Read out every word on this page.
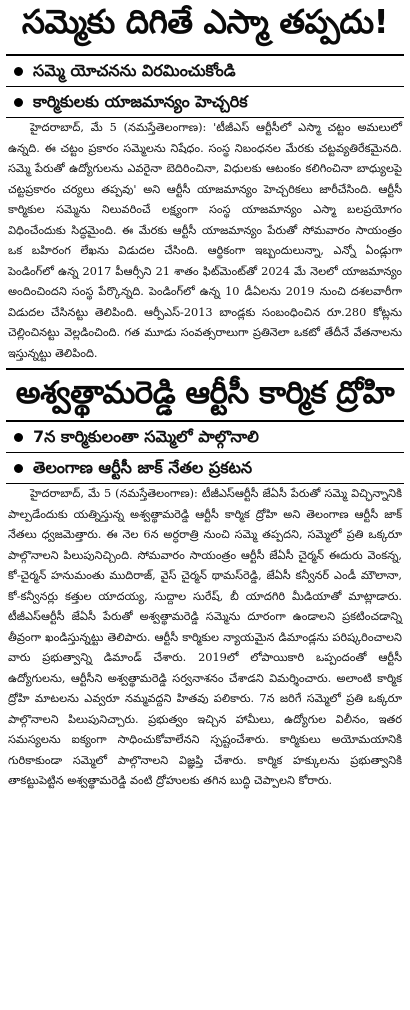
సమ్మెకు దిగితే ఎస్మా తప్పదు!
సమ్మె యోచనను విరమించుకోండి
కార్మికులకు యాజమాన్యం హెచ్చరిక

హైదరాబాద్, మే 5 (నమస్తేతెలంగాణ): 'టీజీఎస్ ఆర్టీసీలో ఎస్మా చట్టం అమలులో ఉన్నది. ఈ చట్టం ప్రకారం సమ్మెలను నిషేధం. సంస్థ నిబంధనల మేరకు చట్టవ్యతిరేకమైనది. సమ్మె పేరుతో ఉద్యోగులను ఎవరైనా బెదిరించినా, విధులకు ఆటంకం కలిగించినా బాధ్యులపై చట్టప్రకారం చర్యలు తప్పవు' అని ఆర్టీసీ యాజమాన్యం హెచ్చరికలు జారీచేసింది. ఆర్టీసీ కార్మికుల సమ్మెను నిలువరించే లక్ష్యంగా సంస్థ యాజమాన్యం ఎస్మా బలప్రయోగం విధించేందుకు సిద్ధమైంది. ఈ మేరకు ఆర్టీసీ యాజమాన్యం పేరుతో సోమవారం సాయంత్రం ఒక బహిరంగ లేఖను విడుదల చేసింది. ఆర్థికంగా ఇబ్బందులున్నా, ఎన్నో ఏండ్లుగా పెండింగ్‌లో ఉన్న 2017 పీఆర్సీని 21 శాతం ఫిట్‌మెంట్‌తో 2024 మే నెలలో యాజమాన్యం అందించిందని సంస్థ పేర్కొన్నది. పెండింగ్‌లో ఉన్న 10 డీఏలను 2019 నుంచి దశలవారీగా విడుదల చేసినట్టు తెలిపింది. ఆర్పీఎస్-2013 బాండ్లకు సంబంధించిన రూ.280 కోట్లను చెల్లించినట్టు వెల్లడించింది. గత మూడు సంవత్సరాలుగా ప్రతినెలా ఒకటో తేదీనే వేతనాలను ఇస్తున్నట్టు తెలిపింది.

అశ్వత్థామరెడ్డి ఆర్టీసీ కార్మిక ద్రోహి
7న కార్మికులంతా సమ్మెలో పాల్గొనాలి
తెలంగాణ ఆర్టీసీ జాక్ నేతల ప్రకటన

హైదరాబాద్, మే 5 (నమస్తేతెలంగాణ): టీజీఎస్‌ఆర్టీసీ జేఏసీ పేరుతో సమ్మె విచ్ఛిన్నానికి పాల్పడేందుకు యత్నిస్తున్న అశ్వత్థామరెడ్డి ఆర్టీసీ కార్మిక ద్రోహి అని తెలంగాణ ఆర్టీసీ జాక్ నేతలు ధ్వజమెత్తారు. ఈ నెల 6న అర్ధరాత్రి నుంచి సమ్మె తప్పదని, సమ్మెలో ప్రతి ఒక్కరూ పాల్గొనాలని పిలుపునిచ్చింది. సోమవారం సాయంత్రం ఆర్టీసీ జేఏసీ చైర్మన్ ఈదురు వెంకన్న, కో-చైర్మన్ హనుమంతు ముదిరాజ్, వైస్ చైర్మన్ థామస్‌రెడ్డి, జేఏసీ కన్వీనర్ ఎండీ మౌలానా, కో-కన్వీనర్లు కత్తుల యాదయ్య, సుద్దాల సురేష్, బీ యాదగిరి మీడియాతో మాట్లాడారు. టీజీఎస్‌ఆర్టీసీ జేఏసీ పేరుతో అశ్వత్థామరెడ్డి సమ్మెను దూరంగా ఉండాలని ప్రకటించడాన్ని తీవ్రంగా ఖండిస్తున్నట్టు తెలిపారు. ఆర్టీసీ కార్మికుల న్యాయమైన డిమాండ్లను పరిష్కరించాలని వారు ప్రభుత్వాన్ని డిమాండ్ చేశారు. 2019లో లోపాయికారి ఒప్పందంతో ఆర్టీసీ ఉద్యోగులను, ఆర్టీసీని అశ్వత్థామరెడ్డి సర్వనాశనం చేశాడని విమర్శించారు. అలాంటి కార్మిక ద్రోహి మాటలను ఎవ్వరూ నమ్మవద్దని హితవు పలికారు. 7న జరిగే సమ్మెలో ప్రతి ఒక్కరూ పాల్గొనాలని పిలుపునిచ్చారు. ప్రభుత్వం ఇచ్చిన హామీలు, ఉద్యోగుల విలీనం, ఇతర సమస్యలను ఐక్యంగా సాధించుకోవాలేనని స్పష్టంచేశారు. కార్మికులు అయోమయానికి గురికాకుండా సమ్మెలో పాల్గొనాలని విజ్ఞప్తి చేశారు. కార్మిక హక్కులను ప్రభుత్వానికి తాకట్టుపెట్టిన అశ్వత్థామరెడ్డి వంటి ద్రోహులకు తగిన బుద్ధి చెప్పాలని కోరారు.
